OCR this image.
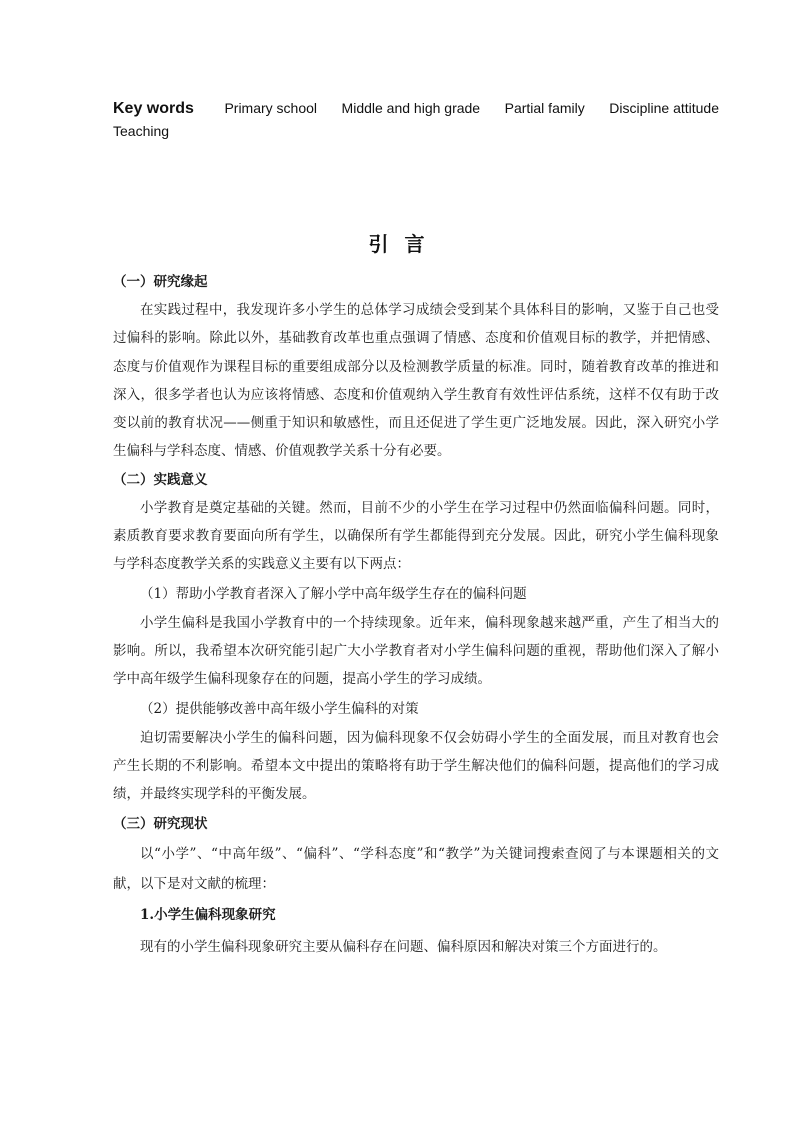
Key words Primary school Middle and high grade Partial family Discipline attitude
Teaching
引言

（一）研究缘起

在实践过程中，我发现许多小学生的总体学习成绩会受到某个具体科目的影响，又鉴于自己也受过偏科的影响。除此以外，基础教育改革也重点强调了情感、态度和价值观目标的教学，并把情感、态度与价值观作为课程目标的重要组成部分以及检测教学质量的标准。同时，随着教育改革的推进和深入，很多学者也认为应该将情感、态度和价值观纳入学生教育有效性评估系统，这样不仅有助于改变以前的教育状况——侧重于知识和敏感性，而且还促进了学生更广泛地发展。因此，深入研究小学生偏科与学科态度、情感、价值观教学关系十分有必要。

（二）实践意义

小学教育是奠定基础的关键。然而，目前不少的小学生在学习过程中仍然面临偏科问题。同时，素质教育要求教育要面向所有学生，以确保所有学生都能得到充分发展。因此，研究小学生偏科现象与学科态度教学关系的实践意义主要有以下两点：

（1）帮助小学教育者深入了解小学中高年级学生存在的偏科问题

小学生偏科是我国小学教育中的一个持续现象。近年来，偏科现象越来越严重，产生了相当大的影响。所以，我希望本次研究能引起广大小学教育者对小学生偏科问题的重视，帮助他们深入了解小学中高年级学生偏科现象存在的问题，提高小学生的学习成绩。

（2）提供能够改善中高年级小学生偏科的对策

迫切需要解决小学生的偏科问题，因为偏科现象不仅会妨碍小学生的全面发展，而且对教育也会产生长期的不利影响。希望本文中提出的策略将有助于学生解决他们的偏科问题，提高他们的学习成绩，并最终实现学科的平衡发展。

（三）研究现状

以“小学”、“中高年级”、“偏科”、“学科态度”和“教学”为关键词搜索查阅了与本课题相关的文献，以下是对文献的梳理：

1.小学生偏科现象研究

现有的小学生偏科现象研究主要从偏科存在问题、偏科原因和解决对策三个方面进行的。
